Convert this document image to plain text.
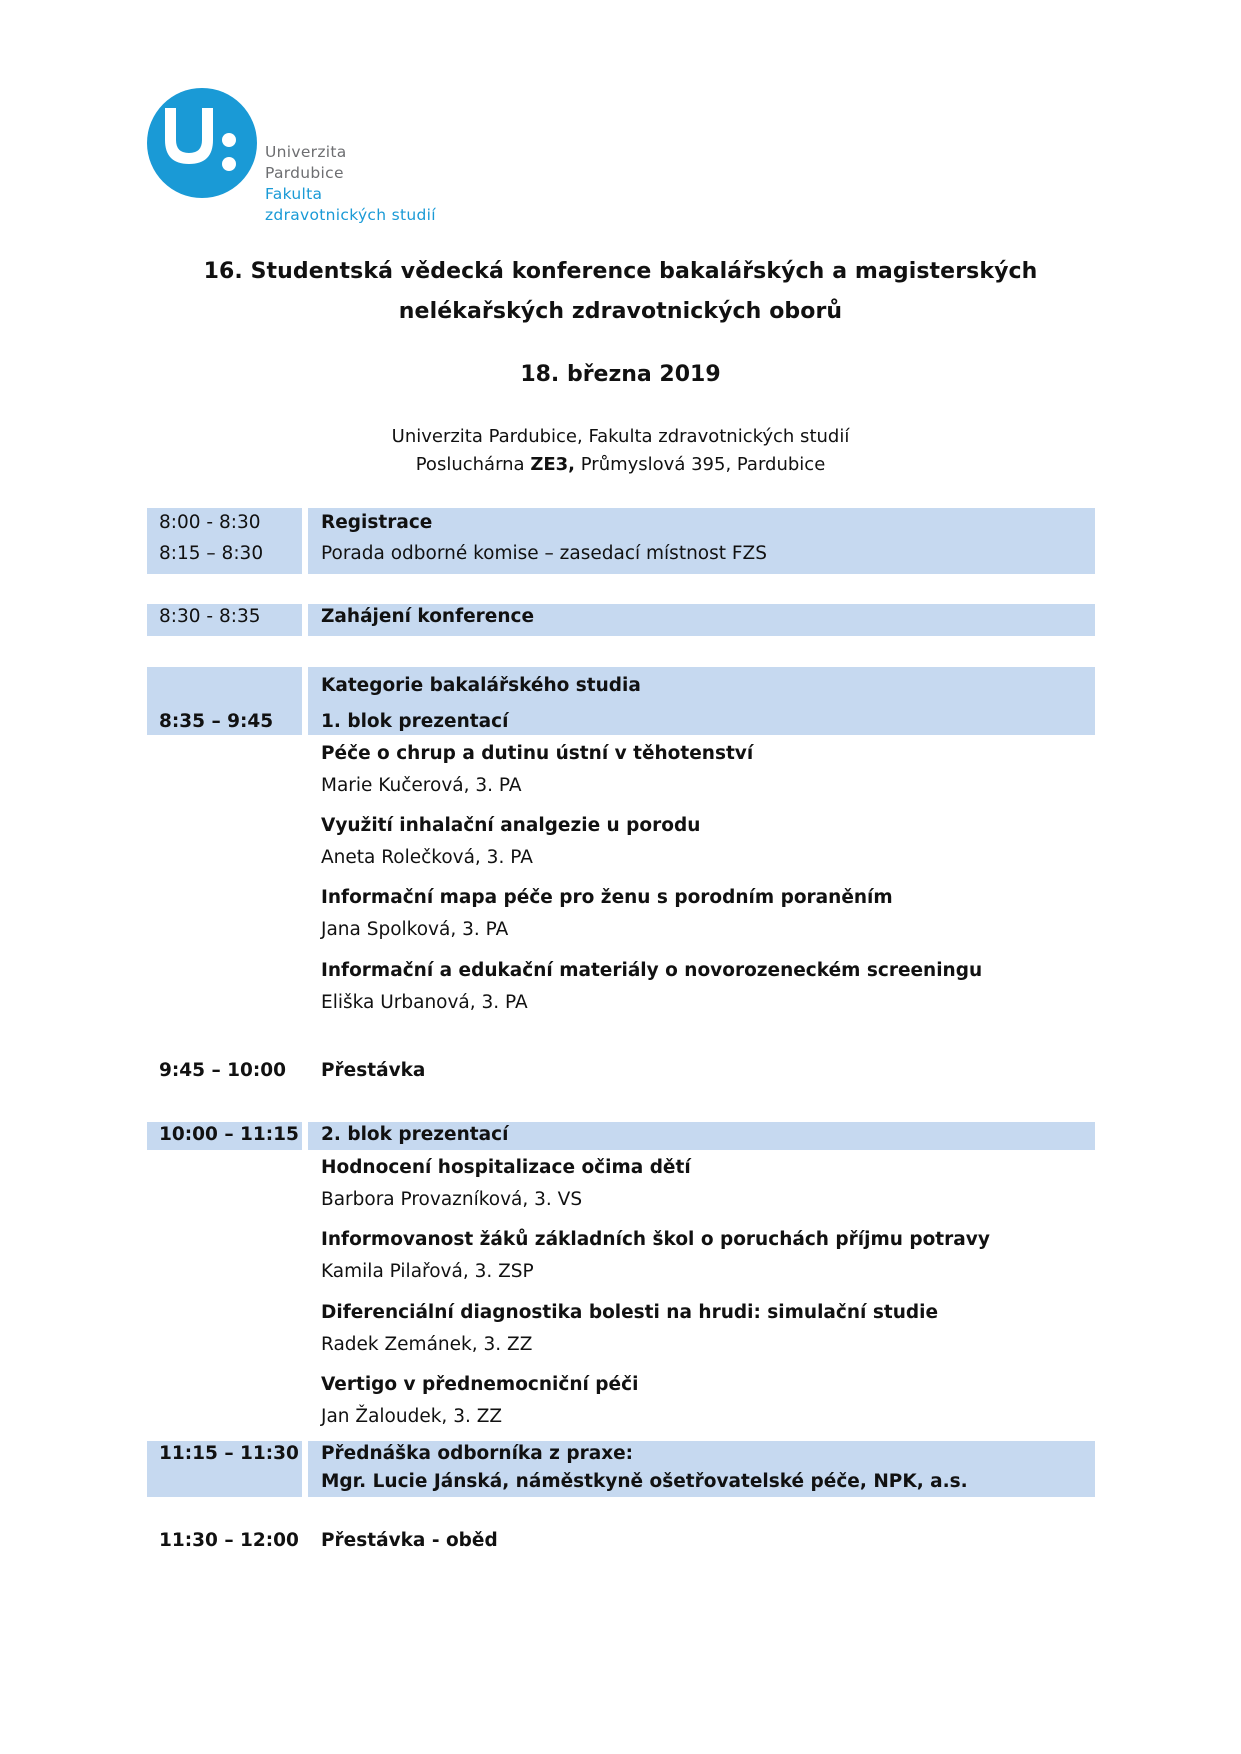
Univerzita
Pardubice
Fakulta
zdravotnických studií
16. Studentská vědecká konference bakalářských a magisterských
nelékařských zdravotnických oborů
18. března 2019
Univerzita Pardubice, Fakulta zdravotnických studií
Posluchárna ZE3, Průmyslová 395, Pardubice
8:00 - 8:30	Registrace
8:15 – 8:30	Porada odborné komise – zasedací místnost FZS
8:30 - 8:35	Zahájení konference
Kategorie bakalářského studia
8:35 – 9:45	1. blok prezentací
Péče o chrup a dutinu ústní v těhotenství
Marie Kučerová, 3. PA
Využití inhalační analgezie u porodu
Aneta Rolečková, 3. PA
Informační mapa péče pro ženu s porodním poraněním
Jana Spolková, 3. PA
Informační a edukační materiály o novorozeneckém screeningu
Eliška Urbanová, 3. PA
9:45 – 10:00 Přestávka
10:00 – 11:15 2. blok prezentací
Hodnocení hospitalizace očima dětí
Barbora Provazníková, 3. VS
Informovanost žáků základních škol o poruchách příjmu potravy
Kamila Pilařová, 3. ZSP
Diferenciální diagnostika bolesti na hrudi: simulační studie
Radek Zemánek, 3. ZZ
Vertigo v přednemocniční péči
Jan Žaloudek, 3. ZZ
11:15 – 11:30 Přednáška odborníka z praxe:
Mgr. Lucie Jánská, náměstkyně ošetřovatelské péče, NPK, a.s.
11:30 – 12:00 Přestávka - oběd
